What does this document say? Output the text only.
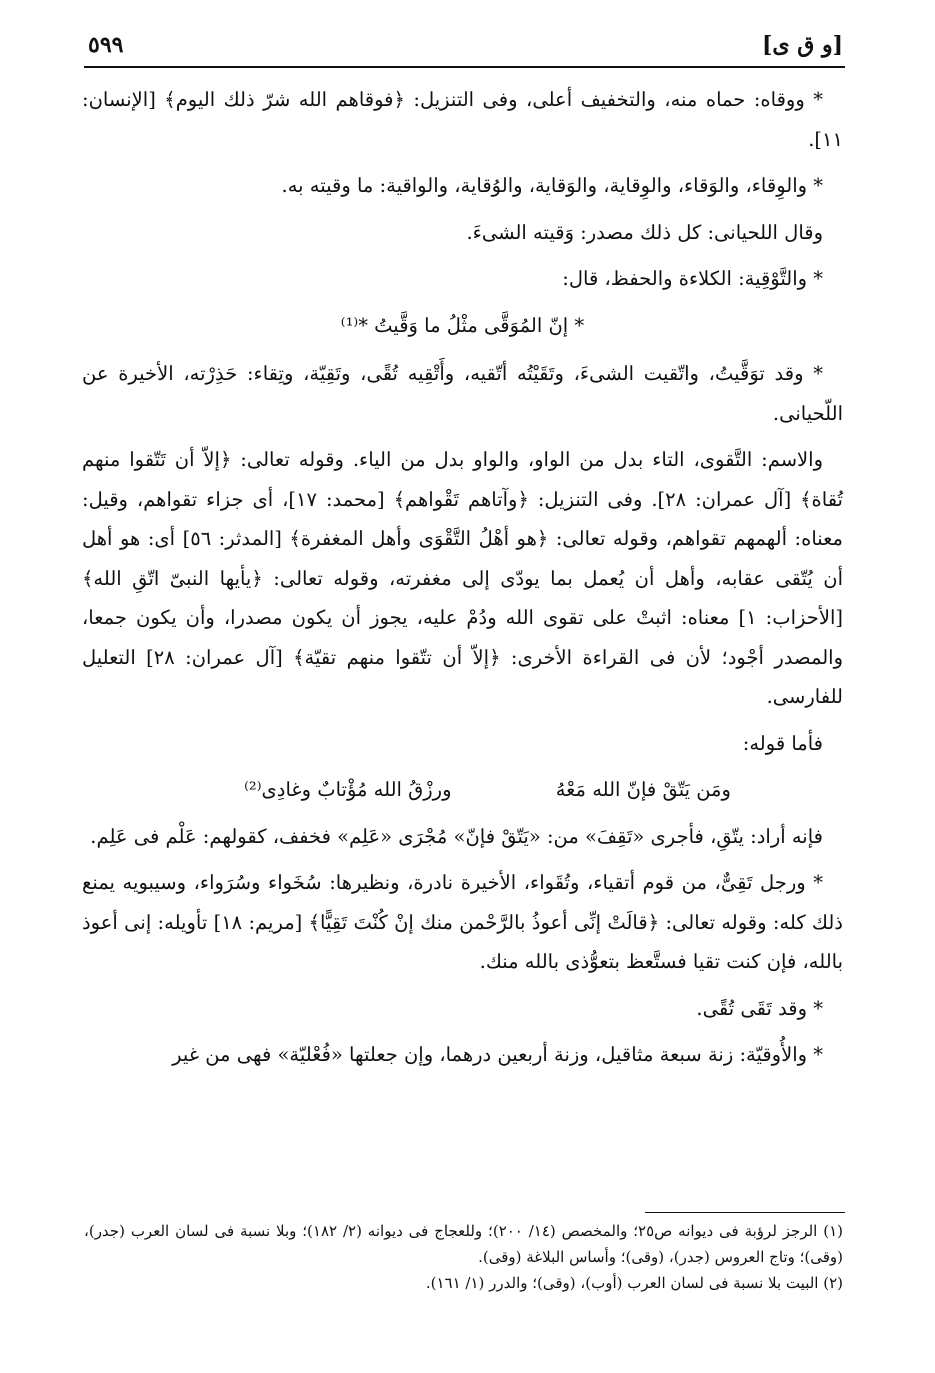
[و ق ی]
٥٩٩

* ووقاه: حماه منه، والتخفيف أعلى، وفى التنزيل: ﴿فوقاهم الله شرّ ذلك اليوم﴾ [الإنسان: ١١].

* والوِقاء، والوَقاء، والوِقاية، والوَقاية، والوُقاية، والواقية: ما وقيته به.

وقال اللحيانى: كل ذلك مصدر: وَقيته الشىءَ.

* والتَّوْقِية: الكلاءة والحفظ، قال:

* إنّ المُوَقَّى مثْلُ ما وَقَّيتُ *⁽¹⁾

* وقد توَقَّيتُ، واتّقيت الشىءَ، وتَقَيْتُه أتّقيه، وأَتْقِيه تُقًى، وتَقِيّة، وتِقاء: حَذِرْته، الأخيرة عن اللّحيانى.

والاسم: التَّقوى، التاء بدل من الواو، والواو بدل من الياء. وقوله تعالى: ﴿إلاّ أن تَتّقوا منهم تُقاة﴾ [آل عمران: ٢٨]. وفى التنزيل: ﴿وآتاهم تَقْواهم﴾ [محمد: ١٧]، أى جزاء تقواهم، وقيل: معناه: ألهمهم تقواهم، وقوله تعالى: ﴿هو أهْلُ التَّقْوَى وأهل المغفرة﴾ [المدثر: ٥٦] أى: هو أهل أن يُتّقى عقابه، وأهل أن يُعمل بما يودّى إلى مغفرته، وقوله تعالى: ﴿يأيها النبىّ اتّقِ الله﴾ [الأحزاب: ١] معناه: اثبتْ على تقوى الله ودُمْ عليه، يجوز أن يكون مصدرا، وأن يكون جمعا، والمصدر أجْود؛ لأن فى القراءة الأخرى: ﴿إلاّ أن تتّقوا منهم تقيّة﴾ [آل عمران: ٢٨] التعليل للفارسى.

فأما قوله:

ومَن يَتّقْ فإنّ الله مَعْهُ
ورزْقُ الله مُؤْتابٌ وغادِى⁽²⁾

فإنه أراد: يتّقِ، فأجرى «تَقِفَ» من: «يَتّقْ فإنّ» مُجْرَى «عَلِم» فخفف، كقولهم: عَلْم فى عَلِم.

* ورجل تَقِىٌّ، من قوم أتقياء، وتُقَواء، الأخيرة نادرة، ونظيرها: سُخَواء وسُرَواء، وسيبويه يمنع ذلك كله: وقوله تعالى: ﴿قالَتْ إنِّى أعوذُ بالرَّحْمن منك إنْ كُنْتَ تَقِيًّا﴾ [مريم: ١٨] تأويله: إنى أعوذ بالله، فإن كنت تقيا فستَّعظ بتعوُّذى بالله منك.

* وقد تَقَى تُقًى.

* والأُوقيّة: زنة سبعة مثاقيل، وزنة أربعين درهما، وإن جعلتها «فُعْليّة» فهى من غير

(١) الرجز لرؤبة فى ديوانه ص٢٥؛ والمخصص (١٤/ ٢٠٠)؛ وللعجاج فى ديوانه (٢/ ١٨٢)؛ وبلا نسبة فى لسان العرب (جدر)، (وقى)؛ وتاج العروس (جدر)، (وقى)؛ وأساس البلاغة (وقى).

(٢) البيت بلا نسبة فى لسان العرب (أوب)، (وقى)؛ والدرر (١/ ١٦١).
